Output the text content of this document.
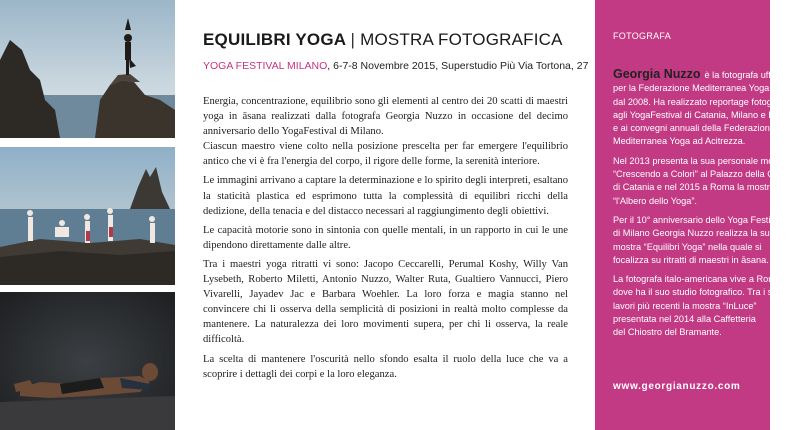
EQUILIBRI YOGA | MOSTRA FOTOGRAFICA
YOGA FESTIVAL MILANO, 6-7-8 Novembre 2015, Superstudio Più Via Tortona, 27

Energia, concentrazione, equilibrio sono gli elementi al centro dei 20 scatti di maestri yoga in āsana realizzati dalla fotografa Georgia Nuzzo in occasione del decimo anniversario dello YogaFestival di Milano.
Ciascun maestro viene colto nella posizione prescelta per far emergere l'equilibrio antico che vi è fra l'energia del corpo, il rigore delle forme, la serenità interiore.

Le immagini arrivano a captare la determinazione e lo spirito degli interpreti, esaltano la staticità plastica ed esprimono tutta la complessità di equilibri ricchi della dedizione, della tenacia e del distacco necessari al raggiungimento degli obiettivi.

Le capacità motorie sono in sintonia con quelle mentali, in un rapporto in cui le une dipendono direttamente dalle altre.

Tra i maestri yoga ritratti vi sono: Jacopo Ceccarelli, Perumal Koshy, Willy Van Lysebeth, Roberto Miletti, Antonio Nuzzo, Walter Ruta, Gualtiero Vannucci, Piero Vivarelli, Jayadev Jac e Barbara Woehler. La loro forza e magia stanno nel convincere chi li osserva della semplicità di posizioni in realtà molto complesse da mantenere. La naturalezza dei loro movimenti supera, per chi li osserva, la reale difficoltà.

La scelta di mantenere l'oscurità nello sfondo esalta il ruolo della luce che va a scoprire i dettagli dei corpi e la loro eleganza.

FOTOGRAFA

Georgia Nuzzo è la fotografa ufficiale
per la Federazione Mediterranea Yoga
dal 2008. Ha realizzato reportage fotografici
agli YogaFestival di Catania, Milano e Roma
e ai convegni annuali della Federazione
Mediterranea Yoga ad Acitrezza.

Nel 2013 presenta la sua personale mostra
“Crescendo a Colori” al Palazzo della Cultura
di Catania e nel 2015 a Roma la mostra
“l'Albero dello Yoga”.

Per il 10° anniversario dello Yoga Festival
di Milano Georgia Nuzzo realizza la sua
mostra “Equilibri Yoga” nella quale si
focalizza su ritratti di maestri in āsana.

La fotografa italo-americana vive a Roma
dove ha il suo studio fotografico. Tra i suoi
lavori più recenti la mostra “InLuce”
presentata nel 2014 alla Caffetteria
del Chiostro del Bramante.

www.georgianuzzo.com
